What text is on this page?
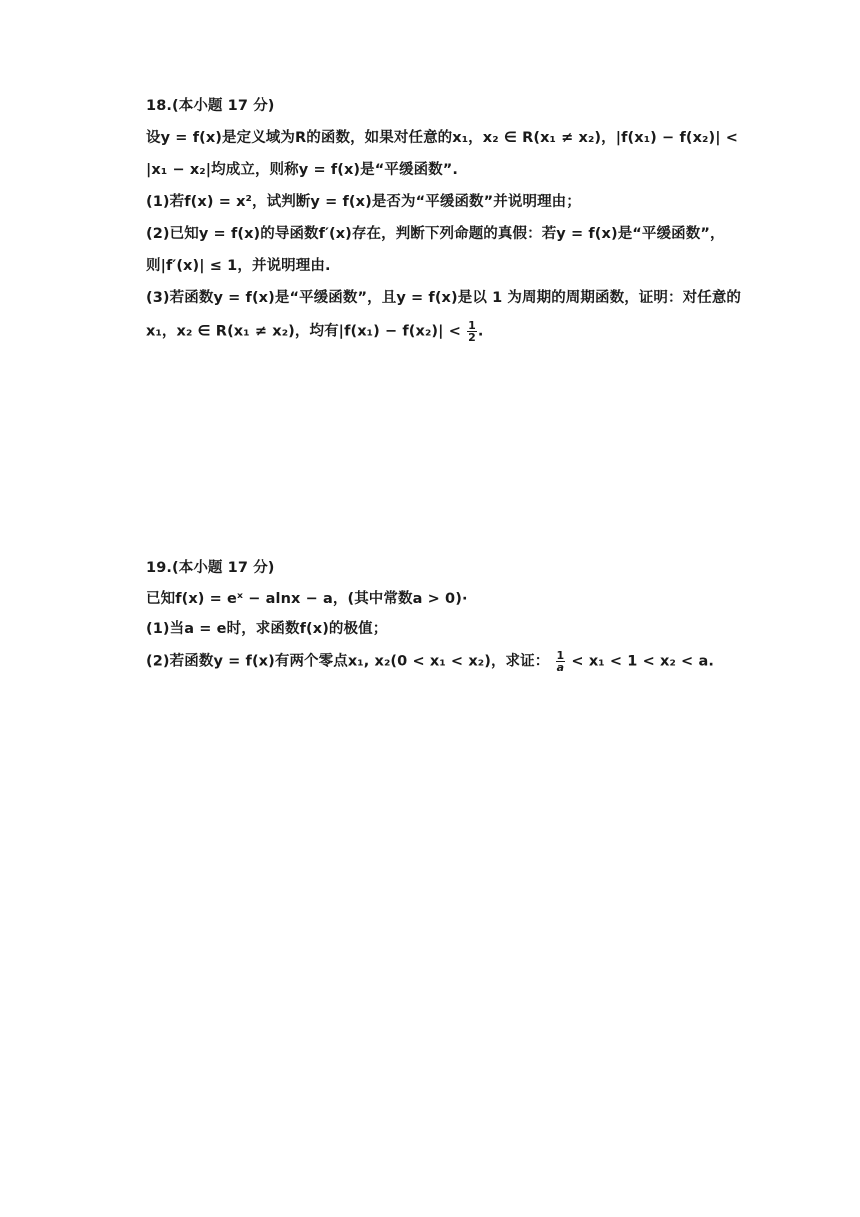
18.(本小题 17 分)
设y = f(x)是定义域为R的函数，如果对任意的x₁，x₂ ∈ R(x₁ ≠ x₂)，|f(x₁) − f(x₂)| <
|x₁ − x₂|均成立，则称y = f(x)是“平缓函数”.
(1)若f(x) = x²，试判断y = f(x)是否为“平缓函数”并说明理由；
(2)已知y = f(x)的导函数f′(x)存在，判断下列命题的真假：若y = f(x)是“平缓函数”，
则|f′(x)| ≤ 1，并说明理由.
(3)若函数y = f(x)是“平缓函数”，且y = f(x)是以 1 为周期的周期函数，证明：对任意的
x₁，x₂ ∈ R(x₁ ≠ x₂)，均有$|f(x_1) - f(x_2)| < \frac{1}{2}$ .
19.(本小题 17 分)
已知f(x) = eˣ − alnx − a，(其中常数a > 0)·
(1)当a = e时，求函数f(x)的极值；
(2)若函数y = f(x)有两个零点x₁, x₂(0 < x₁ < x₂)，求证： $\frac{1}{a} < x_1 < 1 < x_2 < a$.
